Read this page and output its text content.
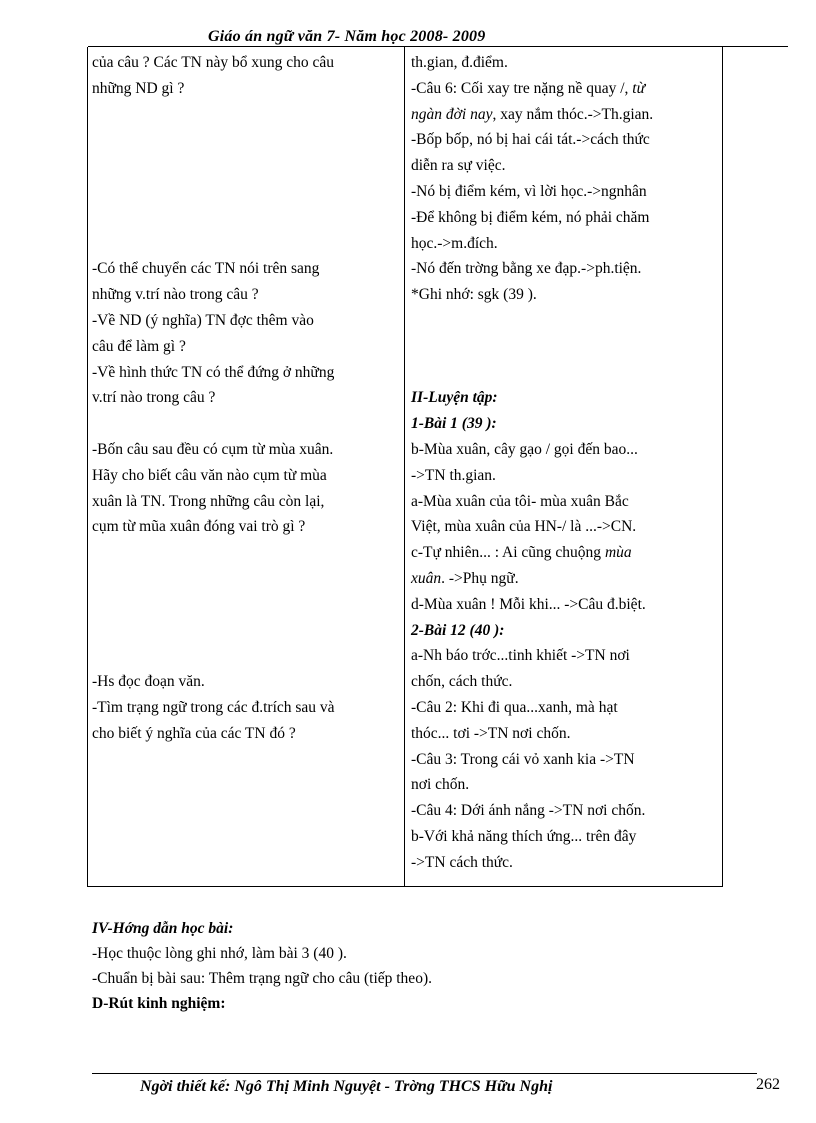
Giáo án ngữ văn 7- Năm học 2008- 2009
của câu ? Các TN này bổ xung cho câu
những ND gì ?
-Có thể chuyển các TN nói trên sang
những v.trí nào trong câu ?
-Về ND (ý nghĩa) TN đợc thêm vào
câu để làm gì ?
-Về hình thức TN có thể đứng ở những
v.trí nào trong câu ?
-Bốn câu sau đều có cụm từ mùa xuân.
Hãy cho biết câu văn nào cụm từ mùa
xuân là TN. Trong những câu còn lại,
cụm từ mũa xuân đóng vai trò gì ?
-Hs đọc đoạn văn.
-Tìm trạng ngữ trong các đ.trích sau và
cho biết ý nghĩa của các TN đó ?
th.gian, đ.điểm.
-Câu 6: Cối xay tre nặng nề quay /, từ
ngàn đời nay, xay nắm thóc.->Th.gian.
-Bốp bốp, nó bị hai cái tát.->cách thức
diễn ra sự việc.
-Nó bị điểm kém, vì lời học.->ngnhân
-Để không bị điểm kém, nó phải chăm
học.->m.đích.
-Nó đến trờng bằng xe đạp.->ph.tiện.
*Ghi nhớ: sgk (39 ).
II-Luyện tập:
1-Bài 1 (39 ):
b-Mùa xuân, cây gạo / gọi đến bao...
->TN th.gian.
a-Mùa xuân của tôi- mùa xuân Bắc
Việt, mùa xuân của HN-/ là ...->CN.
c-Tự nhiên... : Ai cũng chuộng mùa
xuân. ->Phụ ngữ.
d-Mùa xuân ! Mỗi khi... ->Câu đ.biệt.
2-Bài 12 (40 ):
a-Nh báo trớc...tinh khiết ->TN nơi
chốn, cách thức.
-Câu 2: Khi đi qua...xanh, mà hạt
thóc... tơi ->TN nơi chốn.
-Câu 3: Trong cái vỏ xanh kia ->TN
nơi chốn.
-Câu 4: Dới ánh nắng ->TN nơi chốn.
b-Với khả năng thích ứng... trên đây
->TN cách thức.
IV-Hớng dẫn học bài:
-Học thuộc lòng ghi nhớ, làm bài 3 (40 ).
-Chuẩn bị bài sau: Thêm trạng ngữ cho câu (tiếp theo).
D-Rút kinh nghiệm:
Ngời thiết kế: Ngô Thị Minh Nguyệt - Trờng THCS Hữu Nghị	262
